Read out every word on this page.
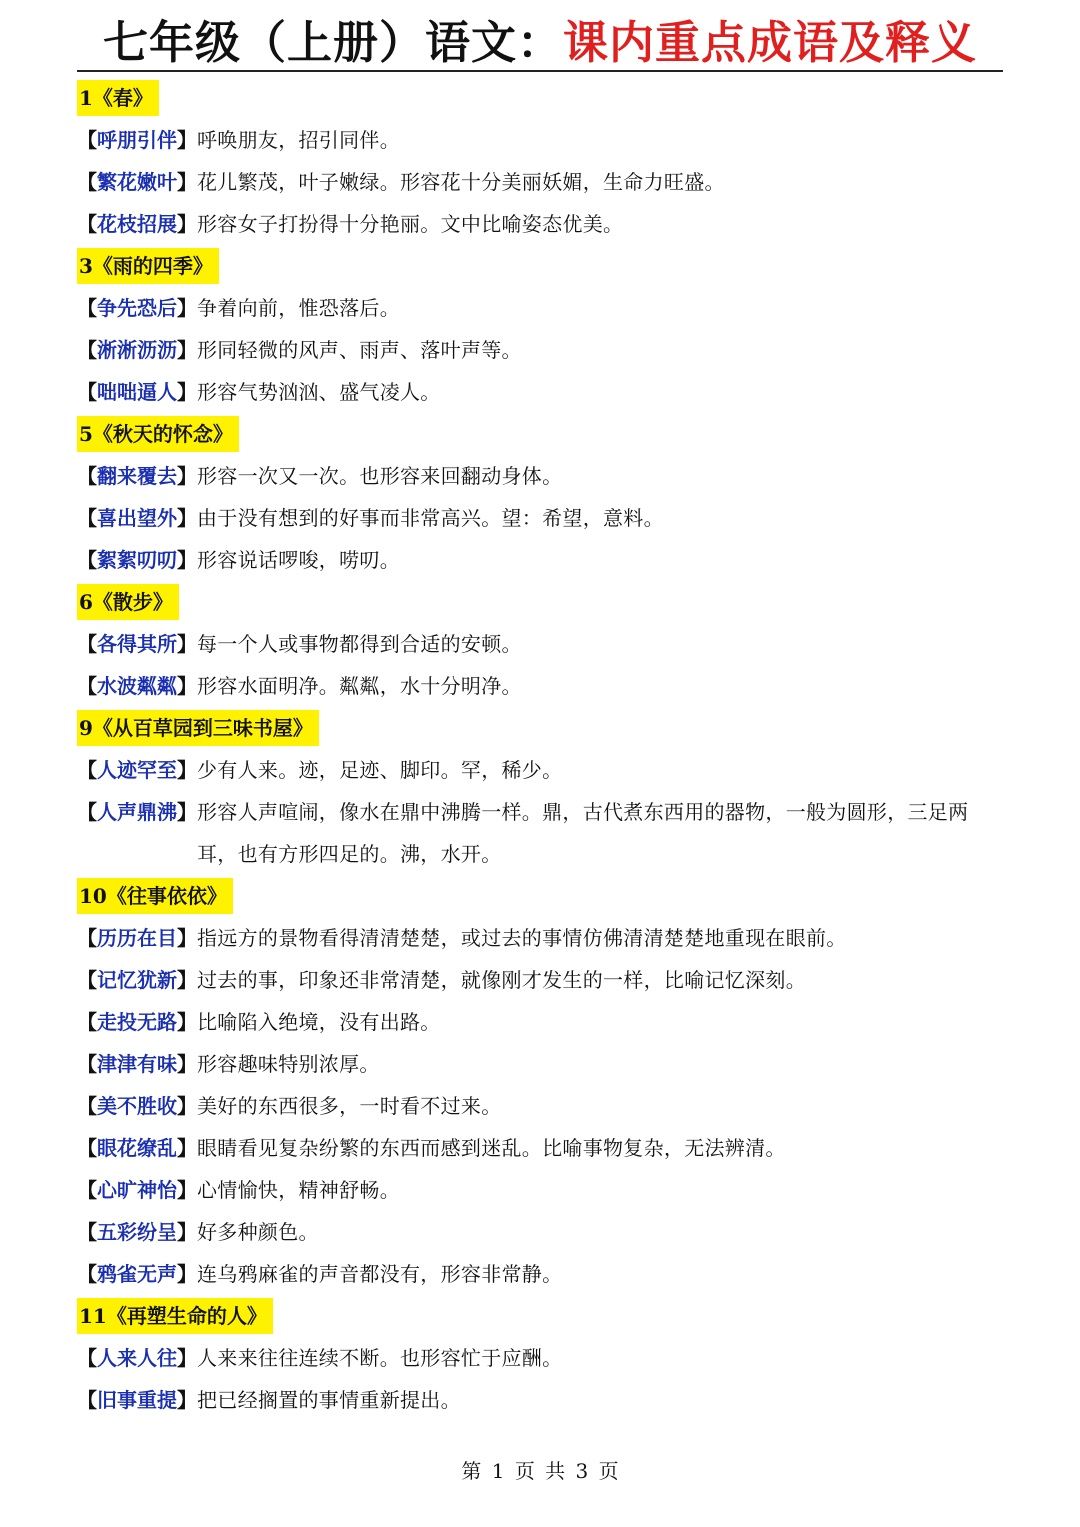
七年级（上册）语文：课内重点成语及释义
1《春》
【呼朋引伴】 呼唤朋友，招引同伴。
【繁花嫩叶】 花儿繁茂，叶子嫩绿。形容花十分美丽妖媚，生命力旺盛。
【花枝招展】 形容女子打扮得十分艳丽。文中比喻姿态优美。
3《雨的四季》
【争先恐后】 争着向前，惟恐落后。
【淅淅沥沥】 形同轻微的风声、雨声、落叶声等。
【咄咄逼人】 形容气势汹汹、盛气凌人。
5《秋天的怀念》
【翻来覆去】 形容一次又一次。也形容来回翻动身体。
【喜出望外】 由于没有想到的好事而非常高兴。望：希望，意料。
【絮絮叨叨】 形容说话啰唆，唠叨。
6《散步》
【各得其所】 每一个人或事物都得到合适的安顿。
【水波粼粼】 形容水面明净。粼粼，水十分明净。
9《从百草园到三味书屋》
【人迹罕至】 少有人来。迹，足迹、脚印。罕，稀少。
【人声鼎沸】 形容人声喧闹，像水在鼎中沸腾一样。鼎，古代煮东西用的器物，一般为圆形，三足两耳，也有方形四足的。沸，水开。
10《往事依依》
【历历在目】 指远方的景物看得清清楚楚，或过去的事情仿佛清清楚楚地重现在眼前。
【记忆犹新】 过去的事，印象还非常清楚，就像刚才发生的一样，比喻记忆深刻。
【走投无路】 比喻陷入绝境，没有出路。
【津津有味】 形容趣味特别浓厚。
【美不胜收】 美好的东西很多，一时看不过来。
【眼花缭乱】 眼睛看见复杂纷繁的东西而感到迷乱。比喻事物复杂，无法辨清。
【心旷神怡】 心情愉快，精神舒畅。
【五彩纷呈】 好多种颜色。
【鸦雀无声】 连乌鸦麻雀的声音都没有，形容非常静。
11《再塑生命的人》
【人来人往】 人来来往往连续不断。也形容忙于应酬。
【旧事重提】 把已经搁置的事情重新提出。
第 1 页 共 3 页
